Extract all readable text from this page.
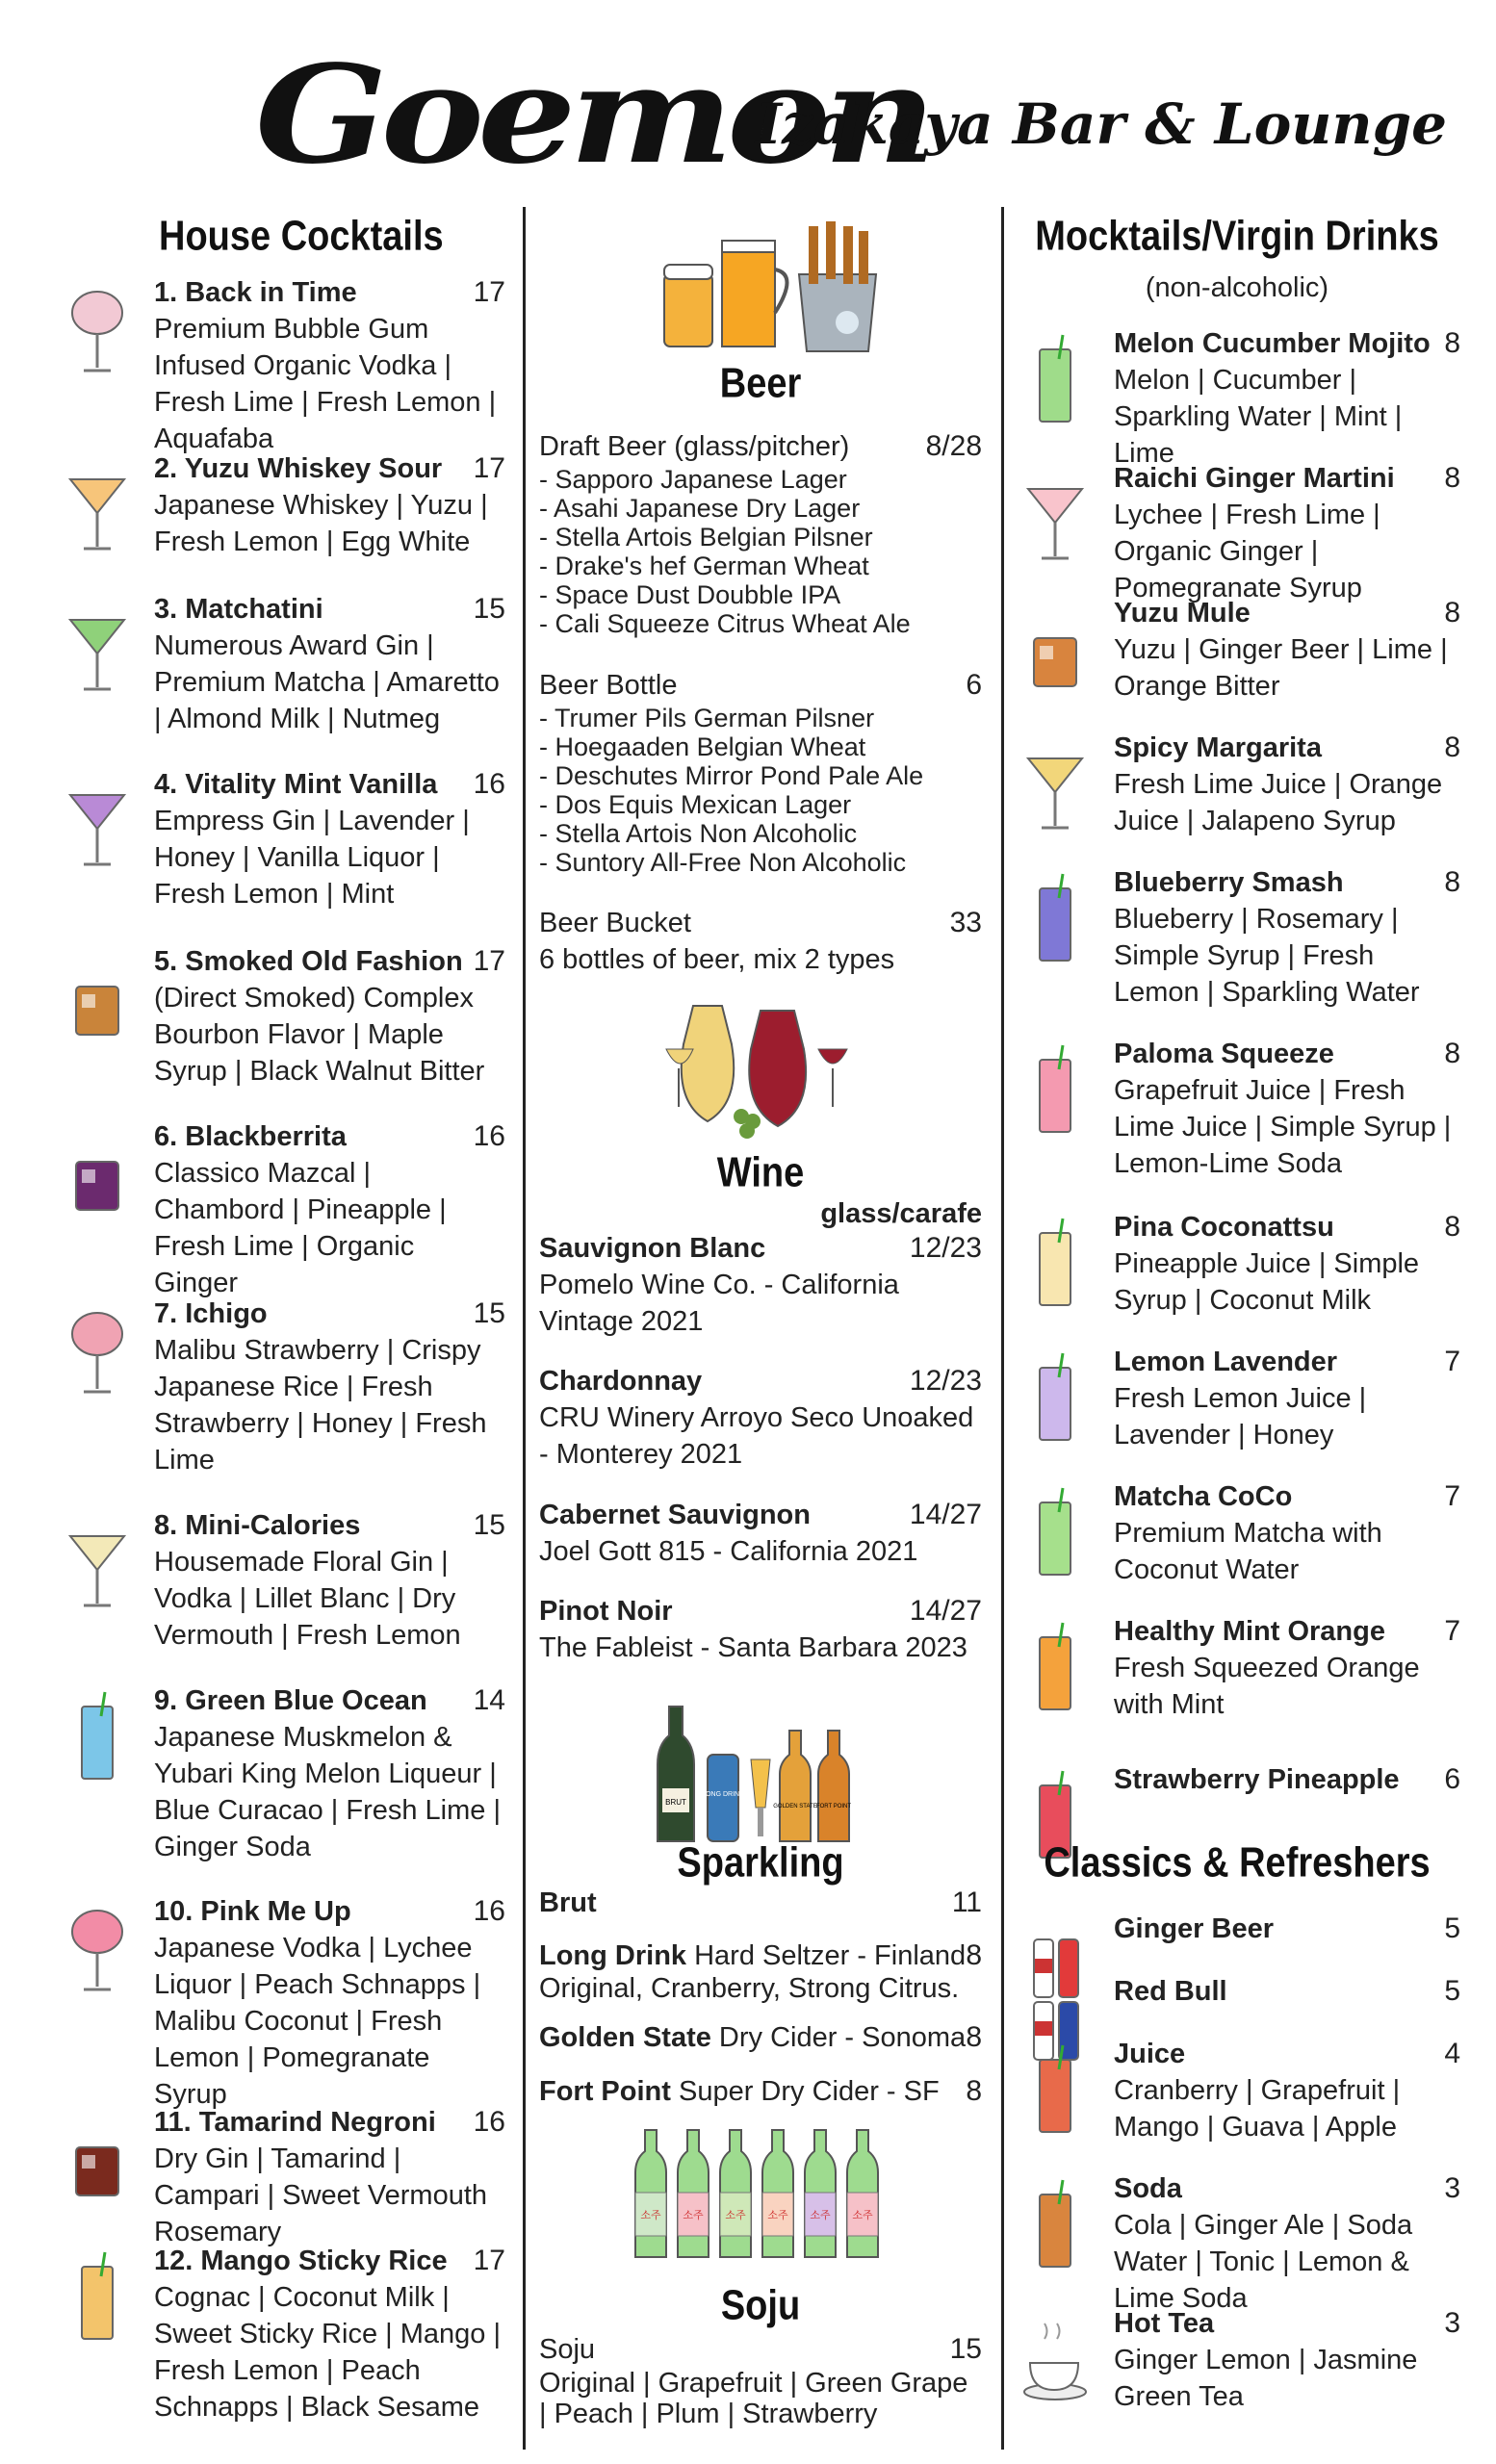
Goemon
Izakaya Bar & Lounge
House Cocktails
1. Back in Time	17
Premium Bubble Gum Infused Organic Vodka | Fresh Lime | Fresh Lemon | Aquafaba
2. Yuzu Whiskey Sour 17
Japanese Whiskey | Yuzu | Fresh Lemon | Egg White
3. Matchatini	15
Numerous Award Gin | Premium Matcha | Amaretto | Almond Milk | Nutmeg
4. Vitality Mint Vanilla 16
Empress Gin | Lavender | Honey | Vanilla Liquor | Fresh Lemon | Mint
5. Smoked Old Fashion 17
(Direct Smoked) Complex Bourbon Flavor | Maple Syrup | Black Walnut Bitter
6. Blackberrita	16
Classico Mazcal | Chambord | Pineapple | Fresh Lime | Organic Ginger
7. Ichigo	15
Malibu Strawberry | Crispy Japanese Rice | Fresh Strawberry | Honey | Fresh Lime
8. Mini-Calories	15
Housemade Floral Gin | Vodka | Lillet Blanc | Dry Vermouth | Fresh Lemon
9. Green Blue Ocean 14
Japanese Muskmelon & Yubari King Melon Liqueur | Blue Curacao | Fresh Lime | Ginger Soda
10. Pink Me Up	16
Japanese Vodka | Lychee Liquor | Peach Schnapps | Malibu Coconut | Fresh Lemon | Pomegranate Syrup
11. Tamarind Negroni 16
Dry Gin | Tamarind | Campari | Sweet Vermouth Rosemary
12. Mango Sticky Rice 17
Cognac | Coconut Milk | Sweet Sticky Rice | Mango | Fresh Lemon | Peach Schnapps | Black Sesame
Beer
Draft Beer (glass/pitcher)	8/28
- Sapporo Japanese Lager
- Asahi Japanese Dry Lager
- Stella Artois Belgian Pilsner
- Drake's hef German Wheat
- Space Dust Doubble IPA
- Cali Squeeze Citrus Wheat Ale
Beer Bottle	6
- Trumer Pils German Pilsner
- Hoegaaden Belgian Wheat
- Deschutes Mirror Pond Pale Ale
- Dos Equis Mexican Lager
- Stella Artois Non Alcoholic
- Suntory All-Free Non Alcoholic
Beer Bucket	33
6 bottles of beer, mix 2 types
Wine
glass/carafe
Sauvignon Blanc	12/23
Pomelo Wine Co. - California Vintage 2021
Chardonnay	12/23
CRU Winery Arroyo Seco Unoaked - Monterey 2021
Cabernet Sauvignon	14/27
Joel Gott 815 - California 2021
Pinot Noir	14/27
The Fableist - Santa Barbara 2023
BRUT
LONG DRINK
GOLDEN STATE FORT POINT
Sparkling
Brut	11
Long Drink Hard Seltzer - Finland 8
Original, Cranberry, Strong Citrus.
Golden State Dry Cider - Sonoma 8
Fort Point Super Dry Cider - SF 8
소주 소주 소주 소주 소주 소주
Soju
Soju	15
Original | Grapefruit | Green Grape | Peach | Plum | Strawberry
Mocktails/Virgin Drinks
(non-alcoholic)
Melon Cucumber Mojito 8
Melon | Cucumber | Sparkling Water | Mint | Lime
Raichi Ginger Martini 8
Lychee | Fresh Lime | Organic Ginger | Pomegranate Syrup
Yuzu Mule	8
Yuzu | Ginger Beer | Lime | Orange Bitter
Spicy Margarita	8
Fresh Lime Juice | Orange Juice | Jalapeno Syrup
Blueberry Smash	8
Blueberry | Rosemary | Simple Syrup | Fresh Lemon | Sparkling Water
Paloma Squeeze	8
Grapefruit Juice | Fresh Lime Juice | Simple Syrup | Lemon-Lime Soda
Pina Coconattsu	8
Pineapple Juice | Simple Syrup | Coconut Milk
Lemon Lavender	7
Fresh Lemon Juice | Lavender | Honey
Matcha CoCo	7
Premium Matcha with Coconut Water
Healthy Mint Orange 7
Fresh Squeezed Orange with Mint
Strawberry Pineapple 6
Classics & Refreshers
Ginger Beer	5
Red Bull	5
Juice	4
Cranberry | Grapefruit | Mango | Guava | Apple
Soda	3
Cola | Ginger Ale | Soda Water | Tonic | Lemon & Lime Soda
Hot Tea	3
Ginger Lemon | Jasmine Green Tea
